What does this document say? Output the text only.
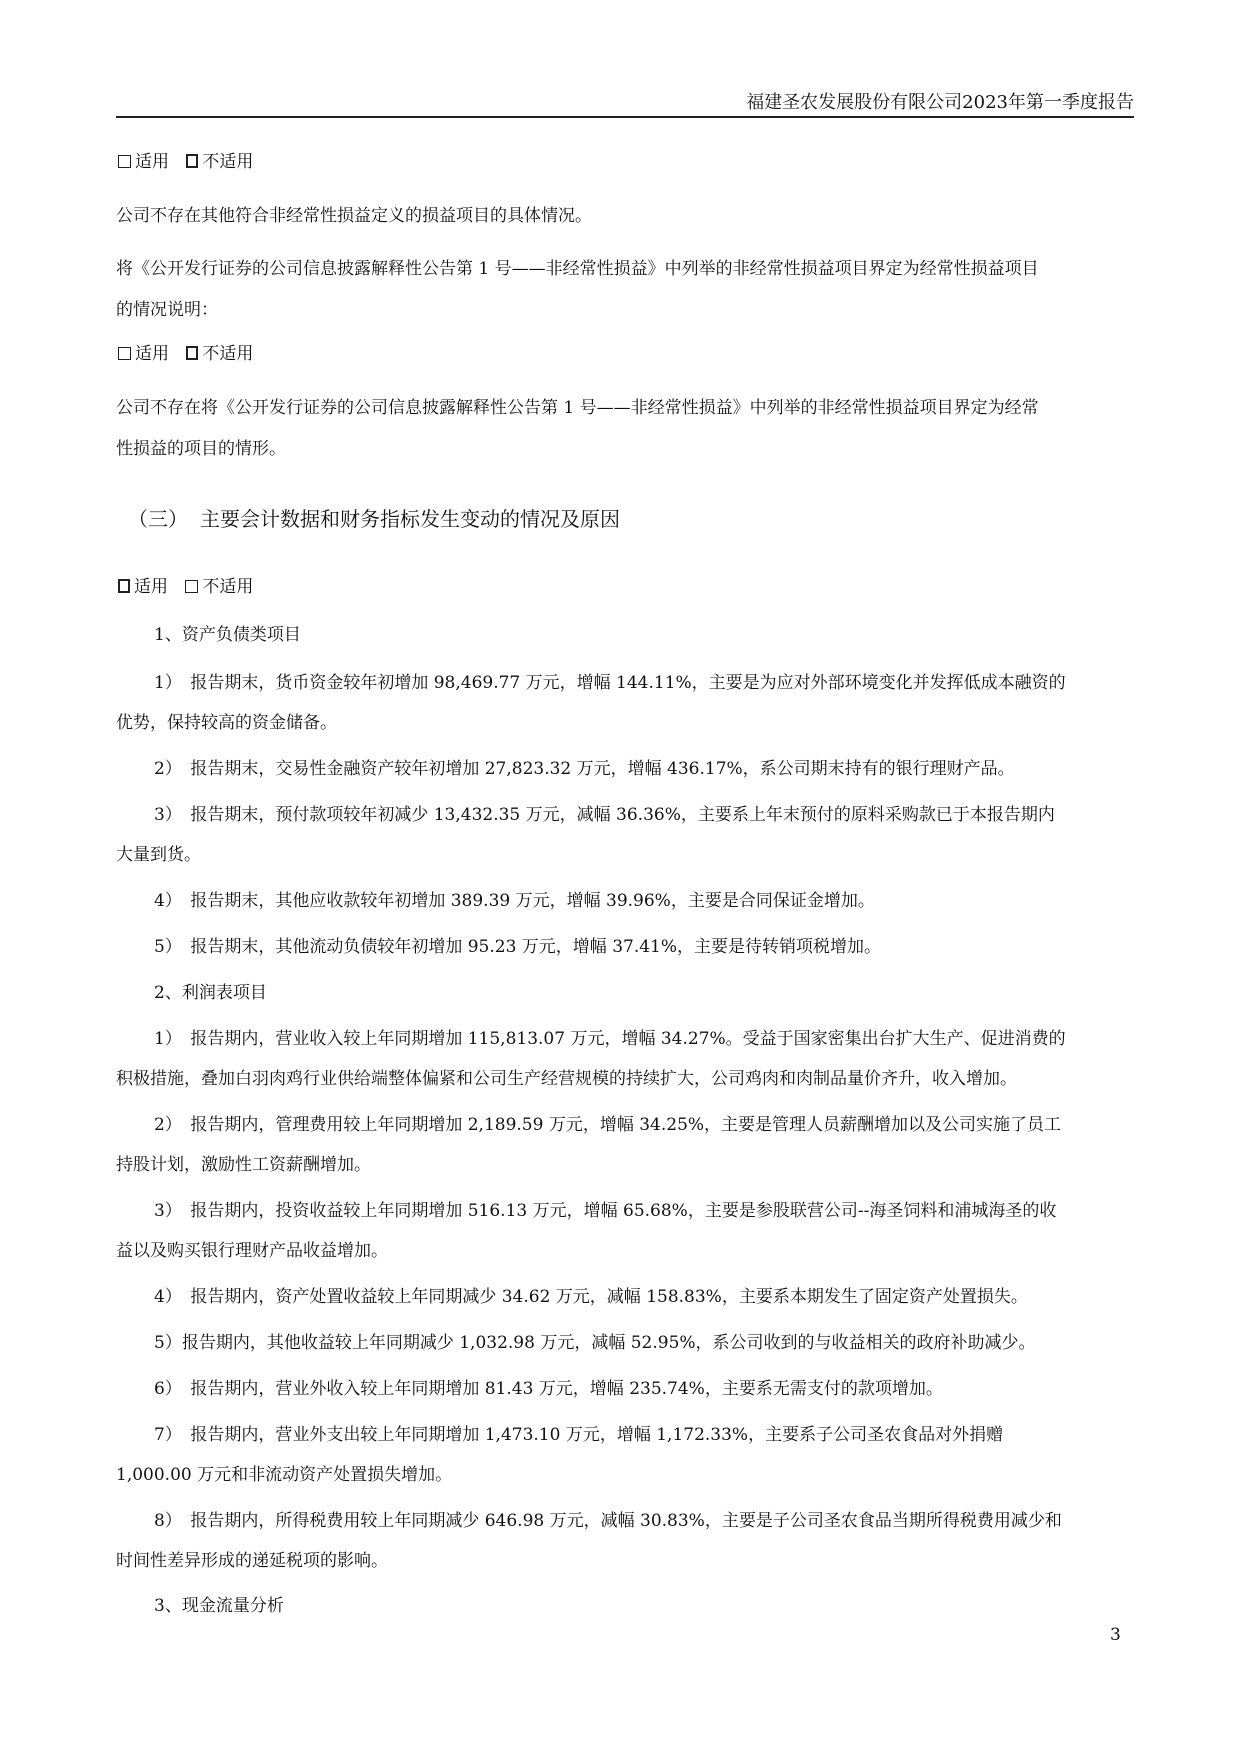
福建圣农发展股份有限公司2023年第一季度报告
适用 不适用
公司不存在其他符合非经常性损益定义的损益项目的具体情况。
将《公开发行证券的公司信息披露解释性公告第 1 号——非经常性损益》中列举的非经常性损益项目界定为经常性损益项目
的情况说明：
适用 不适用
公司不存在将《公开发行证券的公司信息披露解释性公告第 1 号——非经常性损益》中列举的非经常性损益项目界定为经常
性损益的项目的情形。
（三） 主要会计数据和财务指标发生变动的情况及原因
适用 不适用
1、资产负债类项目
1）　报告期末，货币资金较年初增加 98,469.77 万元，增幅 144.11%，主要是为应对外部环境变化并发挥低成本融资的
优势，保持较高的资金储备。
2）　报告期末，交易性金融资产较年初增加 27,823.32 万元，增幅 436.17%，系公司期末持有的银行理财产品。
3）　报告期末，预付款项较年初减少 13,432.35 万元，减幅 36.36%，主要系上年末预付的原料采购款已于本报告期内
大量到货。
4）　报告期末，其他应收款较年初增加 389.39 万元，增幅 39.96%，主要是合同保证金增加。
5）　报告期末，其他流动负债较年初增加 95.23 万元，增幅 37.41%，主要是待转销项税增加。
2、利润表项目
1）　报告期内，营业收入较上年同期增加 115,813.07 万元，增幅 34.27%。受益于国家密集出台扩大生产、促进消费的
积极措施，叠加白羽肉鸡行业供给端整体偏紧和公司生产经营规模的持续扩大，公司鸡肉和肉制品量价齐升，收入增加。
2）　报告期内，管理费用较上年同期增加 2,189.59 万元，增幅 34.25%，主要是管理人员薪酬增加以及公司实施了员工
持股计划，激励性工资薪酬增加。
3）　报告期内，投资收益较上年同期增加 516.13 万元，增幅 65.68%，主要是参股联营公司--海圣饲料和浦城海圣的收
益以及购买银行理财产品收益增加。
4）　报告期内，资产处置收益较上年同期减少 34.62 万元，减幅 158.83%，主要系本期发生了固定资产处置损失。
5）报告期内，其他收益较上年同期减少 1,032.98 万元，减幅 52.95%，系公司收到的与收益相关的政府补助减少。
6）　报告期内，营业外收入较上年同期增加 81.43 万元，增幅 235.74%，主要系无需支付的款项增加。
7）　报告期内，营业外支出较上年同期增加 1,473.10 万元，增幅 1,172.33%，主要系子公司圣农食品对外捐赠
1,000.00 万元和非流动资产处置损失增加。
8）　报告期内，所得税费用较上年同期减少 646.98 万元，减幅 30.83%，主要是子公司圣农食品当期所得税费用减少和
时间性差异形成的递延税项的影响。
3、现金流量分析
3
